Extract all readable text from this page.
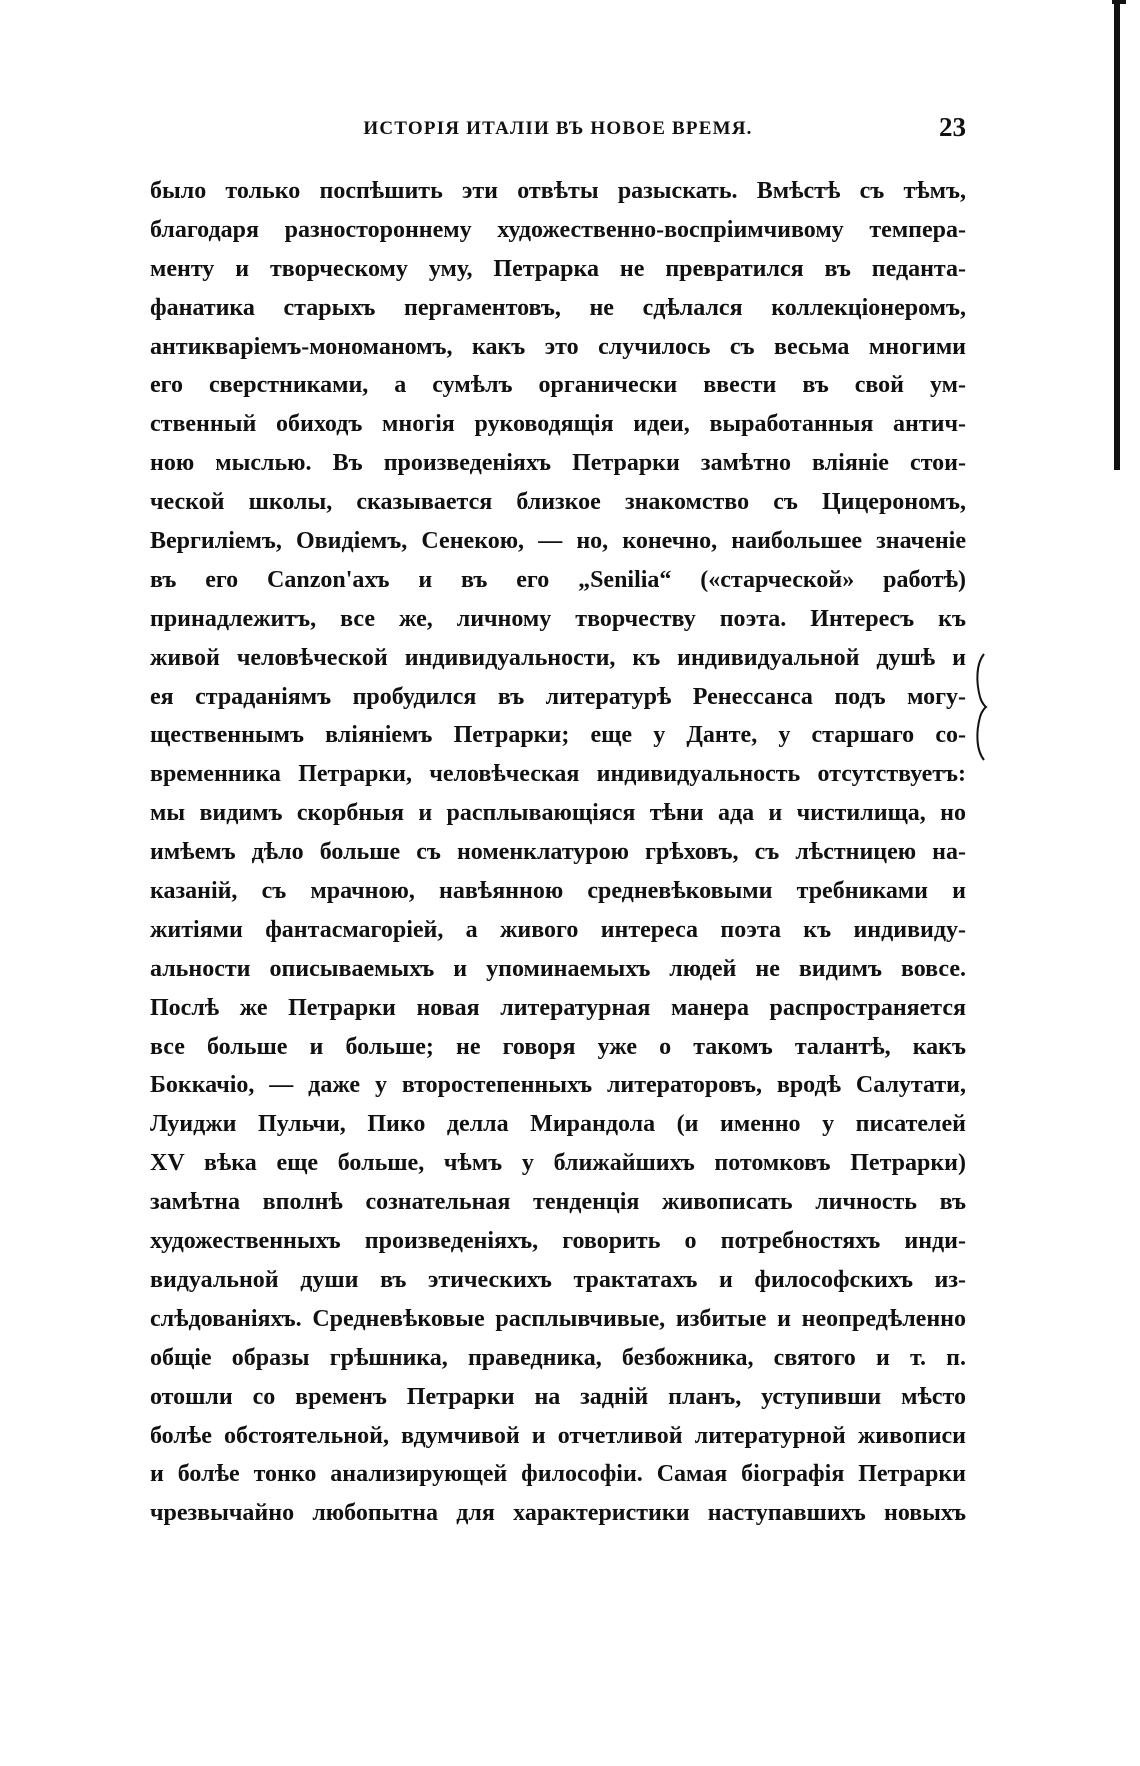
ИСТОРІЯ ИТАЛІИ ВЪ НОВОЕ ВРЕМЯ.	23
было только поспѣшить эти отвѣты разыскать. Вмѣстѣ съ тѣмъ,
благодаря разностороннему художественно-воспріимчивому темпера-
менту и творческому уму, Петрарка не превратился въ педанта-
фанатика старыхъ пергаментовъ, не сдѣлался коллекціонеромъ,
антикваріемъ-мономаномъ, какъ это случилось съ весьма многими
его сверстниками, а сумѣлъ органически ввести въ свой ум-
ственный обиходъ многія руководящія идеи, выработанныя антич-
ною мыслью. Въ произведеніяхъ Петрарки замѣтно вліяніе стои-
ческой школы, сказывается близкое знакомство съ Цицерономъ,
Вергиліемъ, Овидіемъ, Сенекою, — но, конечно, наибольшее значеніе
въ его Canzon'ахъ и въ его „Senilia“ («старческой» работѣ)
принадлежитъ, все же, личному творчеству поэта. Интересъ къ
живой человѣческой индивидуальности, къ индивидуальной душѣ и
ея страданіямъ пробудился въ литературѣ Ренессанса подъ могу-
щественнымъ вліяніемъ Петрарки; еще у Данте, у старшаго со-
временника Петрарки, человѣческая индивидуальность отсутствуетъ:
мы видимъ скорбныя и расплывающіяся тѣни ада и чистилища, но
имѣемъ дѣло больше съ номенклатурою грѣховъ, съ лѣстницею на-
казаній, съ мрачною, навѣянною средневѣковыми требниками и
житіями фантасмагоріей, а живого интереса поэта къ индивиду-
альности описываемыхъ и упоминаемыхъ людей не видимъ вовсе.
Послѣ же Петрарки новая литературная манера распространяется
все больше и больше; не говоря уже о такомъ талантѣ, какъ
Боккачіо, — даже у второстепенныхъ литераторовъ, вродѣ Салутати,
Луиджи Пульчи, Пико делла Мирандола (и именно у писателей
XV вѣка еще больше, чѣмъ у ближайшихъ потомковъ Петрарки)
замѣтна вполнѣ сознательная тенденція живописать личность въ
художественныхъ произведеніяхъ, говорить о потребностяхъ инди-
видуальной души въ этическихъ трактатахъ и философскихъ из-
слѣдованіяхъ. Средневѣковые расплывчивые, избитые и неопредѣленно
общіе образы грѣшника, праведника, безбожника, святого и т. п.
отошли со временъ Петрарки на задній планъ, уступивши мѣсто
болѣе обстоятельной, вдумчивой и отчетливой литературной живописи
и болѣе тонко анализирующей философіи. Самая біографія Петрарки
чрезвычайно любопытна для характеристики наступавшихъ новыхъ
